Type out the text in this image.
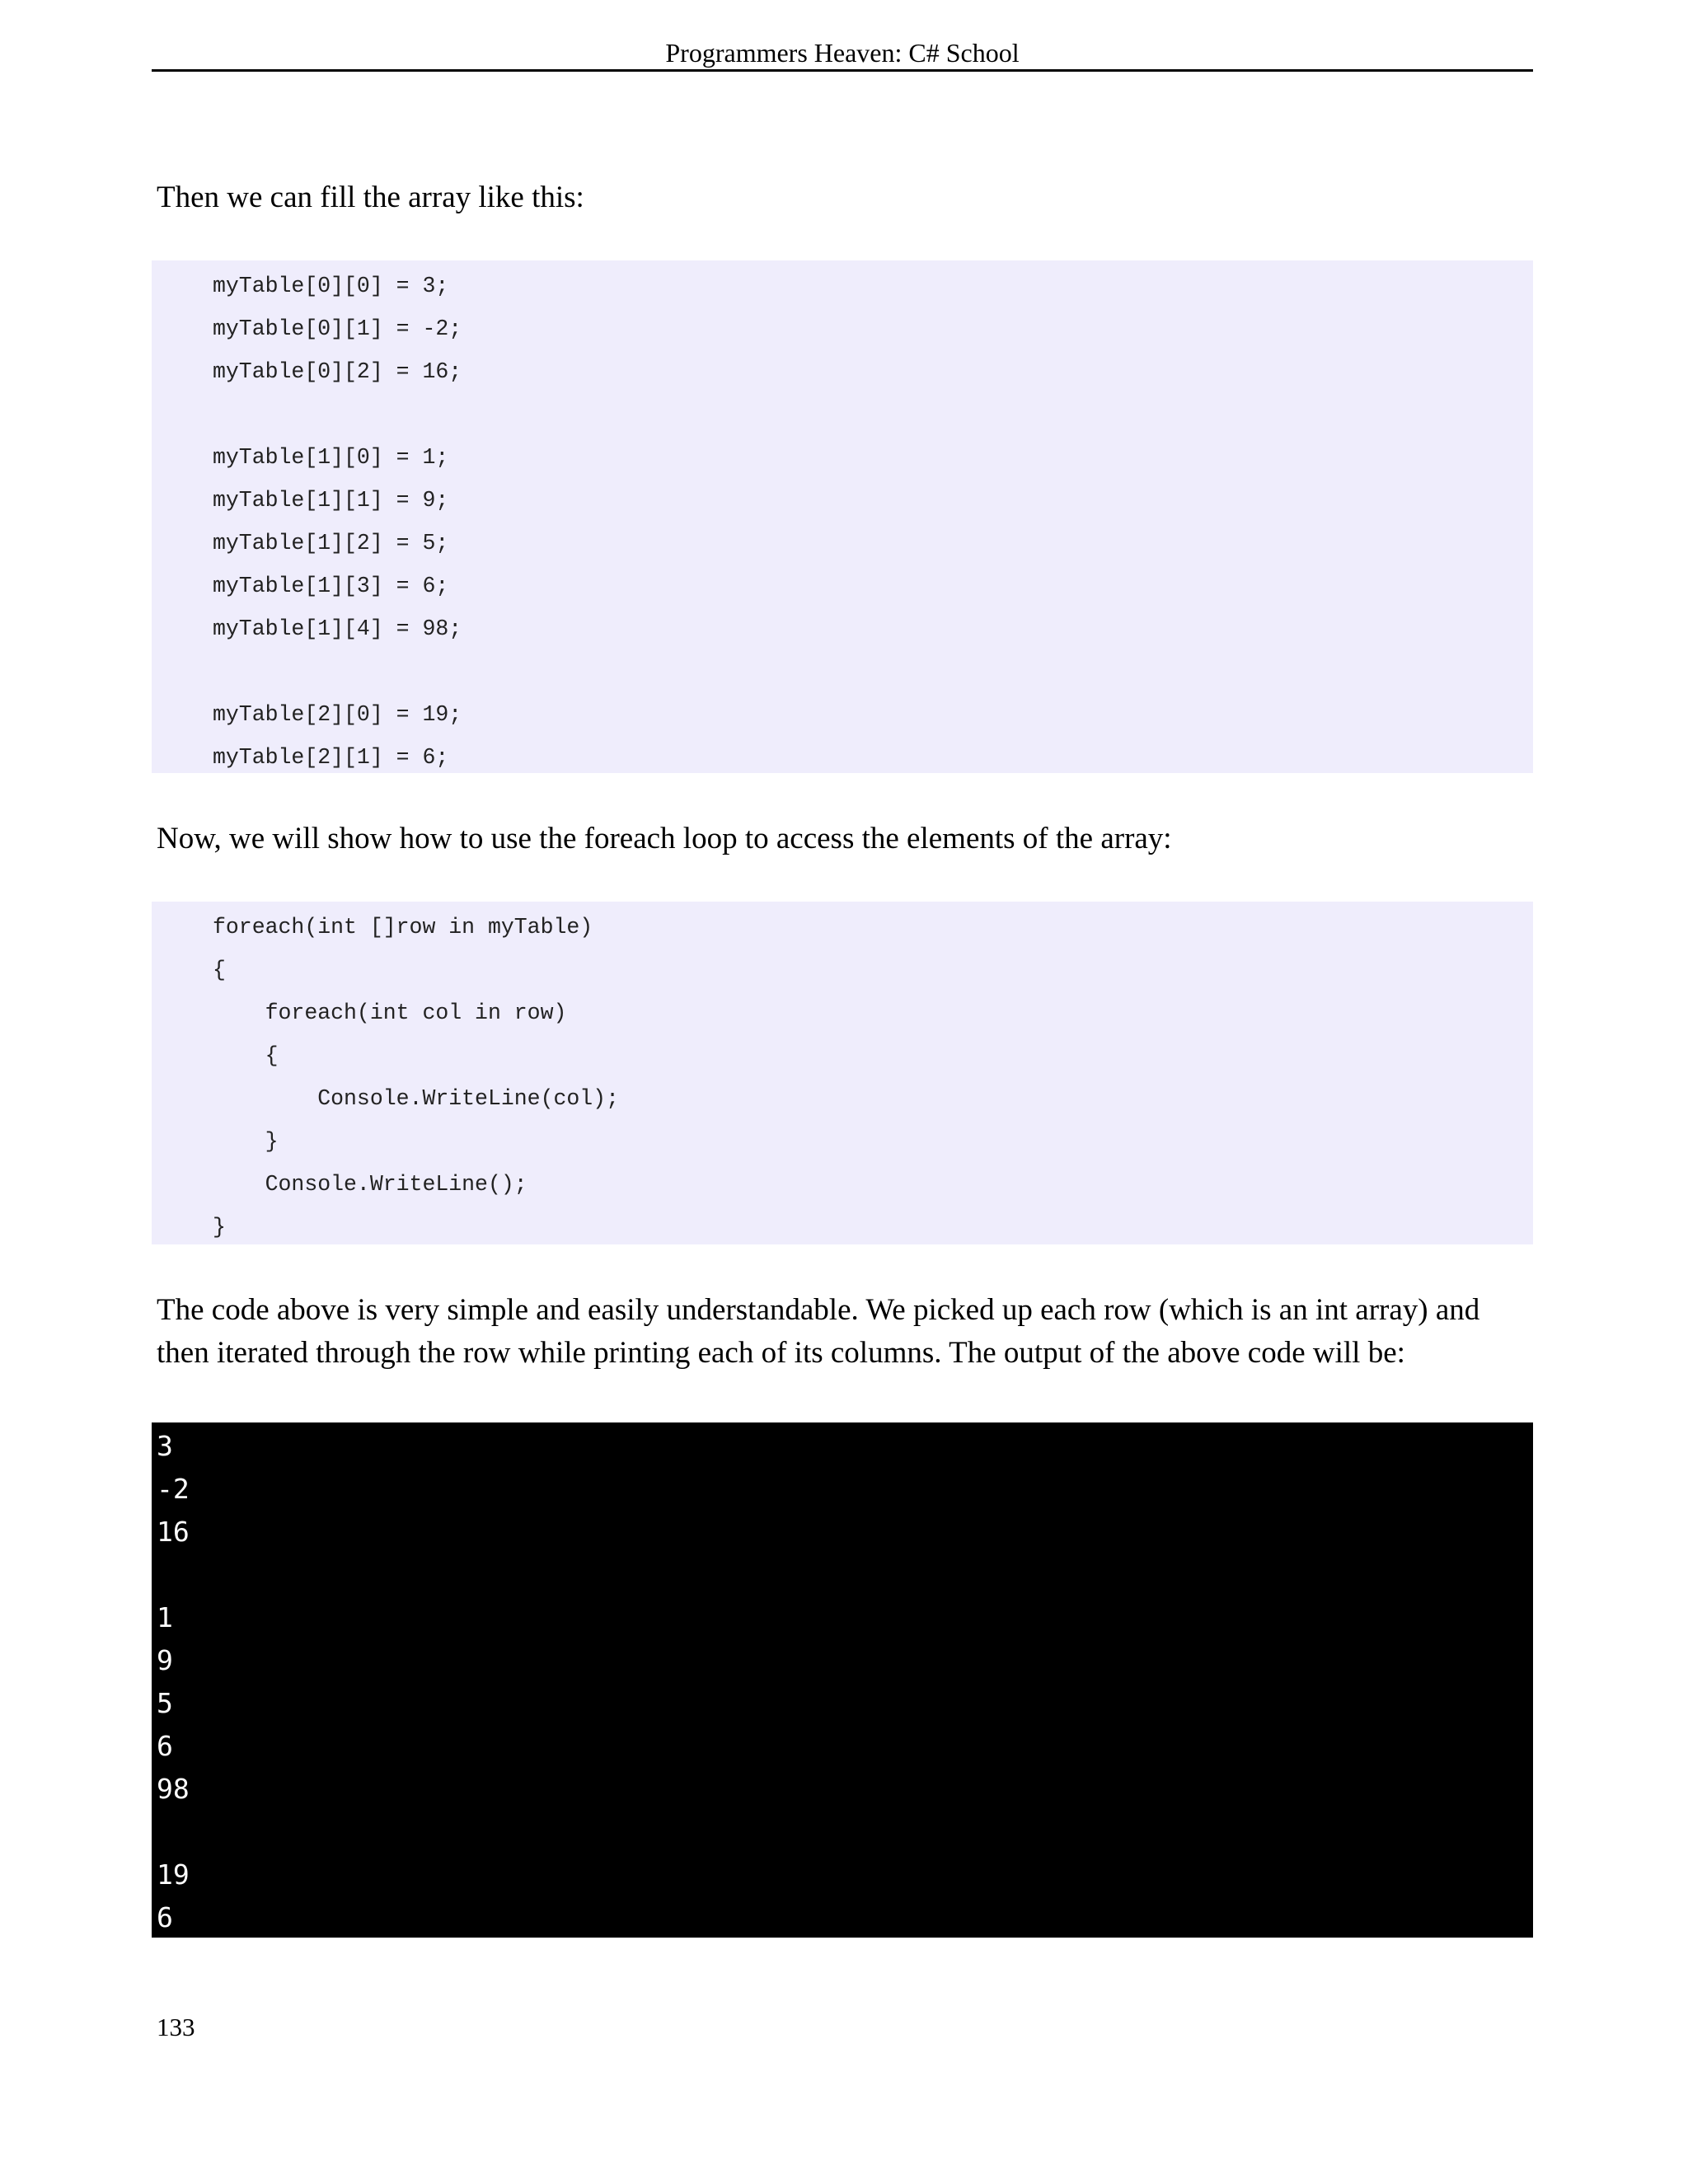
Programmers Heaven: C# School

Then we can fill the array like this:

myTable[0][0] = 3;
myTable[0][1] = -2;
myTable[0][2] = 16;
myTable[1][0] = 1;
myTable[1][1] = 9;
myTable[1][2] = 5;
myTable[1][3] = 6;
myTable[1][4] = 98;
myTable[2][0] = 19;
myTable[2][1] = 6;

Now, we will show how to use the foreach loop to access the elements of the array:

foreach(int []row in myTable)
{
foreach(int col in row)
{
Console.WriteLine(col);
}
Console.WriteLine();
}

The code above is very simple and easily understandable. We picked up each row (which is an int array) and then iterated through the row while printing each of its columns. The output of the above code will be:

3
-2
16
1
9
5
6
98
19
6
133
